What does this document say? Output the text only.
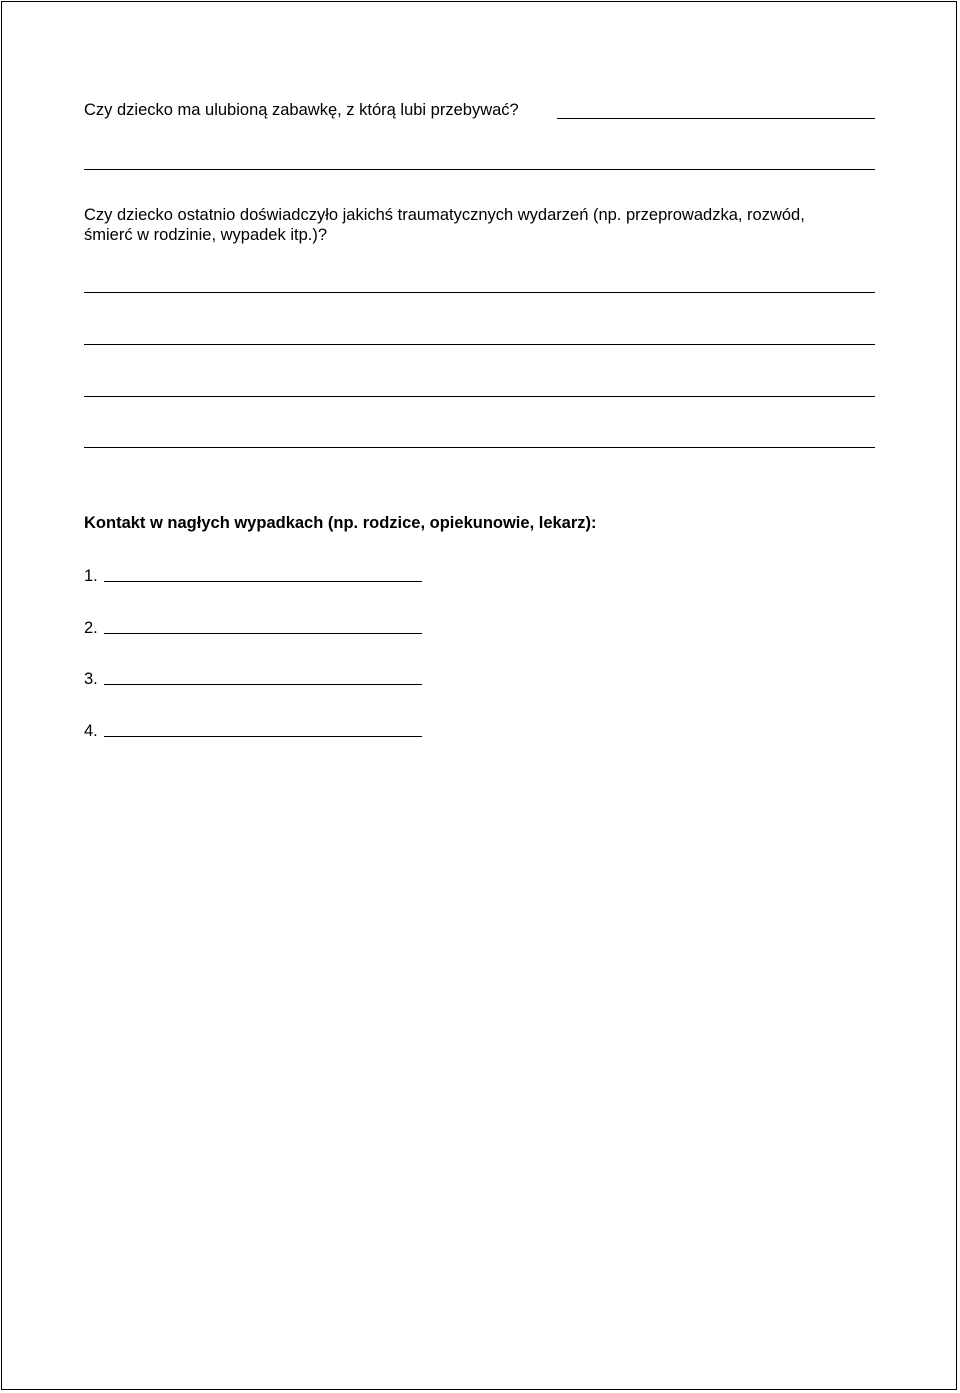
Czy dziecko ma ulubioną zabawkę, z którą lubi przebywać?
Czy dziecko ostatnio doświadczyło jakichś traumatycznych wydarzeń (np. przeprowadzka, rozwód,
śmierć w rodzinie, wypadek itp.)?
Kontakt w nagłych wypadkach (np. rodzice, opiekunowie, lekarz):
1.
2.
3.
4.
